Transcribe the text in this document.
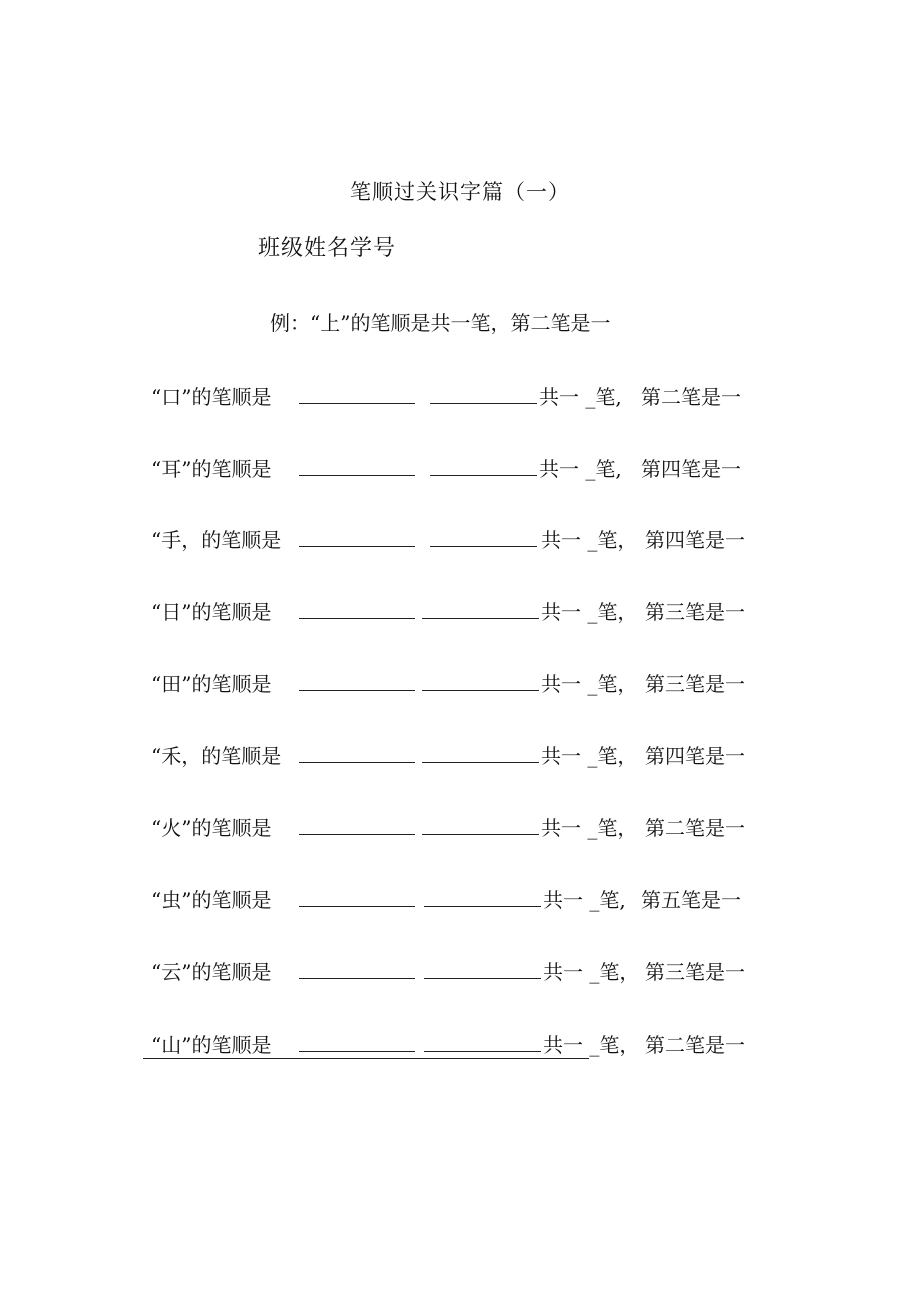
笔顺过关识字篇（一）
班级姓名学号
例：“上”的笔顺是共一笔，第二笔是一
“口”的笔顺是	共一 _笔, 第二笔是一
“耳”的笔顺是	共一 _笔, 第四笔是一
“手，的笔顺是	共一 _笔， 第四笔是一
“日”的笔顺是	共一 _笔， 第三笔是一
“田”的笔顺是	共一 _笔， 第三笔是一
“禾，的笔顺是	共一 _笔， 第四笔是一
“火”的笔顺是	共一 _笔， 第二笔是一
“虫”的笔顺是	共一 _笔, 第五笔是一
“云”的笔顺是	共一 _笔， 第三笔是一
“山”的笔顺是	共一 _笔， 第二笔是一
